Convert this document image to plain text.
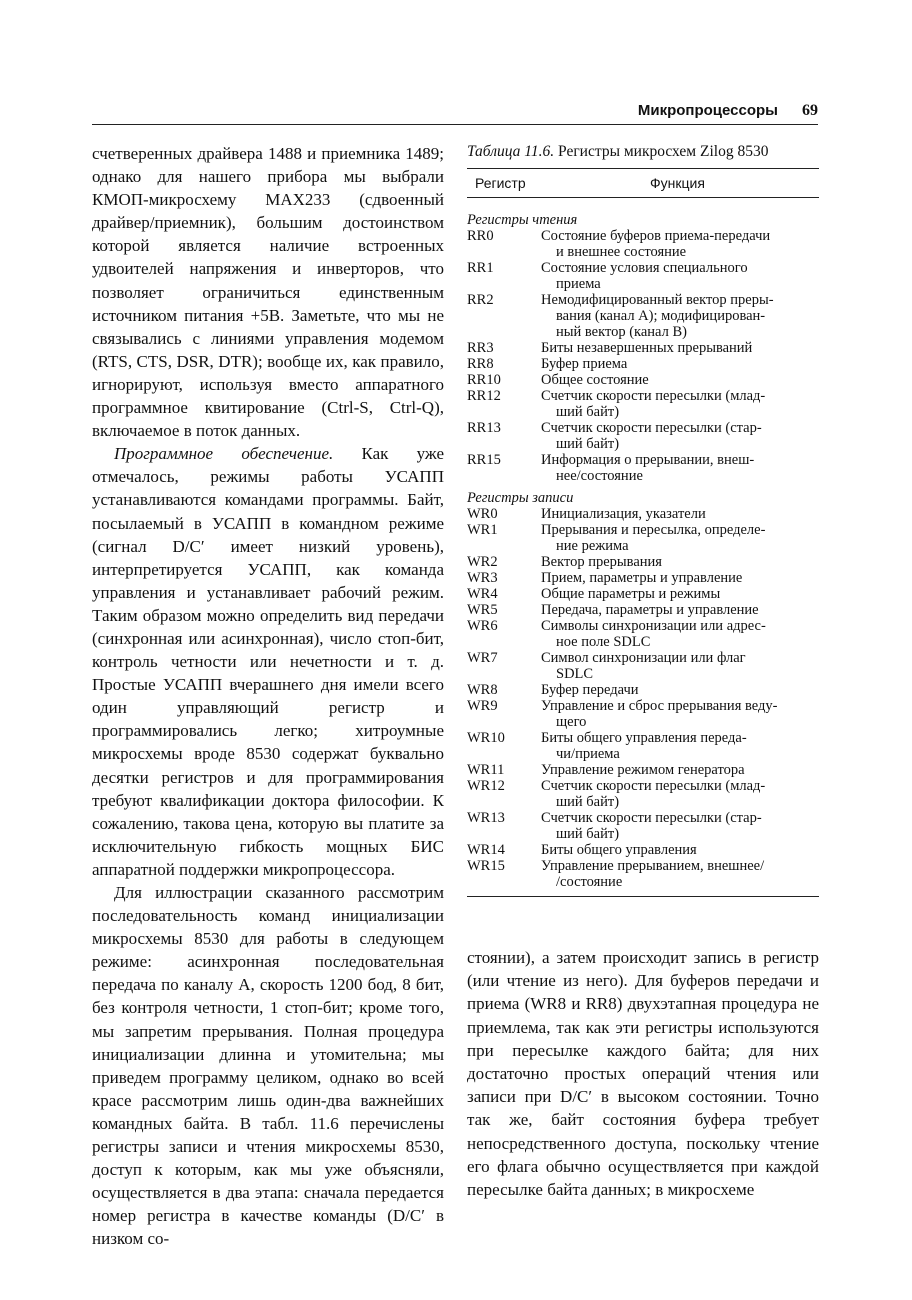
Микропроцессоры 69

счетверенных драйвера 1488 и приемника 1489; однако для нашего прибора мы выбрали КМОП-микросхему MAX233 (сдвоенный драйвер/приемник), большим достоинством которой является наличие встроенных удвоителей напряжения и инверторов, что позволяет ограничиться единственным источником питания +5В. Заметьте, что мы не связывались с линиями управления модемом (RTS, CTS, DSR, DTR); вообще их, как правило, игнорируют, используя вместо аппаратного программное квитирование (Ctrl-S, Ctrl-Q), включаемое в поток данных.

Программное обеспечение. Как уже отмечалось, режимы работы УСАПП устанавливаются командами программы. Байт, посылаемый в УСАПП в командном режиме (сигнал D/C′ имеет низкий уровень), интерпретируется УСАПП, как команда управления и устанавливает рабочий режим. Таким образом можно определить вид передачи (синхронная или асинхронная), число стоп-бит, контроль четности или нечетности и т. д. Простые УСАПП вчерашнего дня имели всего один управляющий регистр и программировались легко; хитроумные микросхемы вроде 8530 содержат буквально десятки регистров и для программирования требуют квалификации доктора философии. К сожалению, такова цена, которую вы платите за исключительную гибкость мощных БИС аппаратной поддержки микропроцессора.

Для иллюстрации сказанного рассмотрим последовательность команд инициализации микросхемы 8530 для работы в следующем режиме: асинхронная последовательная передача по каналу А, скорость 1200 бод, 8 бит, без контроля четности, 1 стоп-бит; кроме того, мы запретим прерывания. Полная процедура инициализации длинна и утомительна; мы приведем программу целиком, однако во всей красе рассмотрим лишь один-два важнейших командных байта. В табл. 11.6 перечислены регистры записи и чтения микросхемы 8530, доступ к которым, как мы уже объясняли, осуществляется в два этапа: сначала передается номер регистра в качестве команды (D/C′ в низком со-

Таблица 11.6. Регистры микросхем Zilog 8530
Регистр	Функция
Регистры чтения
RR0	Состояние буферов приема-передачи
и внешнее состояние
RR1	Состояние условия специального
приема
RR2	Немодифицированный вектор преры-
вания (канал А); модифицирован-
ный вектор (канал В)
RR3	Биты незавершенных прерываний
RR8	Буфер приема
RR10	Общее состояние
RR12	Счетчик скорости пересылки (млад-
ший байт)
RR13	Счетчик скорости пересылки (стар-
ший байт)
RR15	Информация о прерывании, внеш-
нее/состояние
Регистры записи
WR0	Инициализация, указатели
WR1	Прерывания и пересылка, определе-
ние режима
WR2	Вектор прерывания
WR3	Прием, параметры и управление
WR4	Общие параметры и режимы
WR5	Передача, параметры и управление
WR6	Символы синхронизации или адрес-
ное поле SDLC
WR7	Символ синхронизации или флаг
SDLC
WR8	Буфер передачи
WR9	Управление и сброс прерывания веду-
щего
WR10	Биты общего управления переда-
чи/приема
WR11	Управление режимом генератора
WR12	Счетчик скорости пересылки (млад-
ший байт)
WR13	Счетчик скорости пересылки (стар-
ший байт)
WR14	Биты общего управления
WR15	Управление прерыванием, внешнее/
/состояние

стоянии), а затем происходит запись в регистр (или чтение из него). Для буферов передачи и приема (WR8 и RR8) двухэтапная процедура не приемлема, так как эти регистры используются при пересылке каждого байта; для них достаточно простых операций чтения или записи при D/C′ в высоком состоянии. Точно так же, байт состояния буфера требует непосредственного доступа, поскольку чтение его флага обычно осуществляется при каждой пересылке байта данных; в микросхеме
